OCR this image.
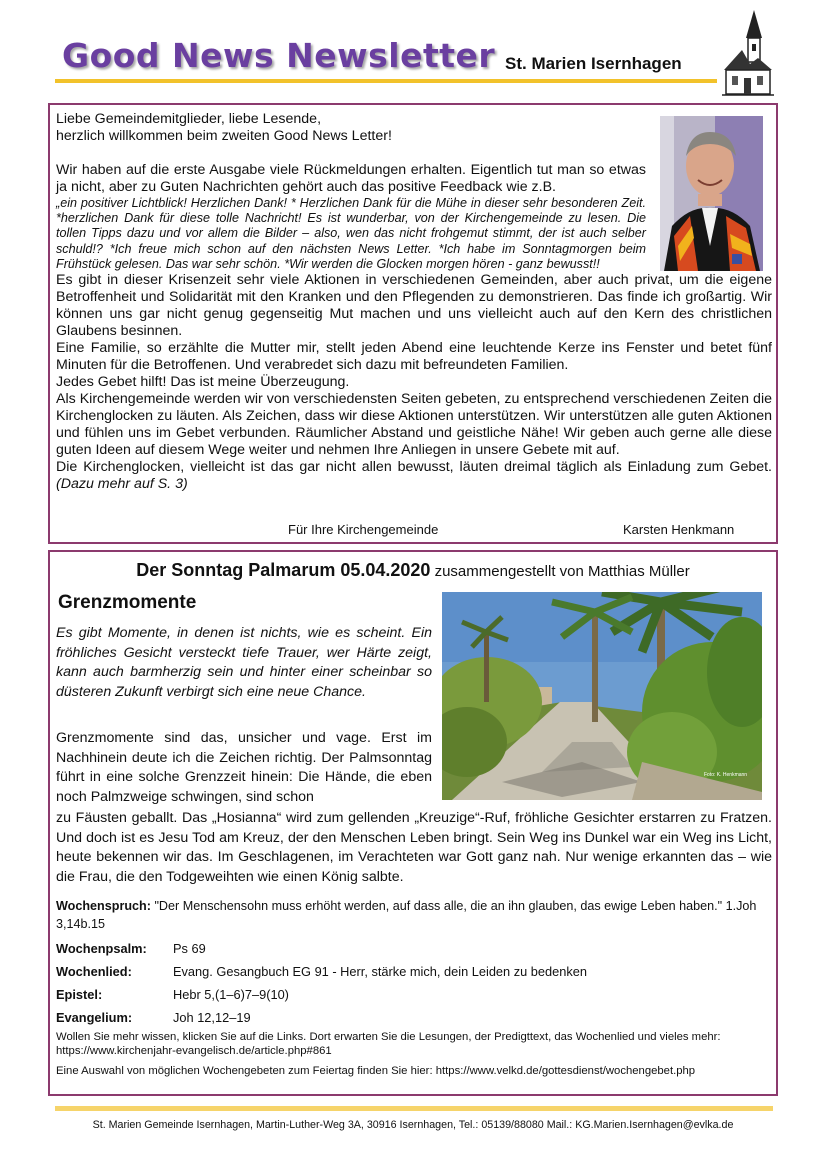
Good News Newsletter St. Marien Isernhagen

Liebe Gemeindemitglieder, liebe Lesende,

herzlich willkommen beim zweiten Good News Letter!

Wir haben auf die erste Ausgabe viele Rückmeldungen erhalten. Eigentlich tut man so etwas ja nicht, aber zu Guten Nachrichten gehört auch das positive Feedback wie z.B.

„ein positiver Lichtblick! Herzlichen Dank! * Herzlichen Dank für die Mühe in dieser sehr besonderen Zeit. *herzlichen Dank für diese tolle Nachricht! Es ist wunderbar, von der Kirchengemeinde zu lesen. Die tollen Tipps dazu und vor allem die Bilder – also, wen das nicht frohgemut stimmt, der ist auch selber schuld!? *Ich freue mich schon auf den nächsten News Letter. *Ich habe im Sonntagmorgen beim Frühstück gelesen. Das war sehr schön. *Wir werden die Glocken morgen hören - ganz bewusst!!

Es gibt in dieser Krisenzeit sehr viele Aktionen in verschiedenen Gemeinden, aber auch privat, um die eigene Betroffenheit und Solidarität mit den Kranken und den Pflegenden zu demonstrieren. Das finde ich großartig. Wir können uns gar nicht genug gegenseitig Mut machen und uns vielleicht auch auf den Kern des christlichen Glaubens besinnen.

Eine Familie, so erzählte die Mutter mir, stellt jeden Abend eine leuchtende Kerze ins Fenster und betet fünf Minuten für die Betroffenen. Und verabredet sich dazu mit befreundeten Familien.

Jedes Gebet hilft! Das ist meine Überzeugung.

Als Kirchengemeinde werden wir von verschiedensten Seiten gebeten, zu entsprechend verschiedenen Zeiten die Kirchenglocken zu läuten. Als Zeichen, dass wir diese Aktionen unterstützen. Wir unterstützen alle guten Aktionen und fühlen uns im Gebet verbunden. Räumlicher Abstand und geistliche Nähe! Wir geben auch gerne alle diese guten Ideen auf diesem Wege weiter und nehmen Ihre Anliegen in unsere Gebete mit auf.

Die Kirchenglocken, vielleicht ist das gar nicht allen bewusst, läuten dreimal täglich als Einladung zum Gebet. (Dazu mehr auf S. 3)

Für Ihre Kirchengemeinde	Karsten Henkmann
Der Sonntag Palmarum 05.04.2020 zusammengestellt von Matthias Müller
Grenzmomente

Es gibt Momente, in denen ist nichts, wie es scheint. Ein fröhliches Gesicht versteckt tiefe Trauer, wer Härte zeigt, kann auch barmherzig sein und hinter einer scheinbar so düsteren Zukunft verbirgt sich eine neue Chance.

Grenzmomente sind das, unsicher und vage. Erst im Nachhinein deute ich die Zeichen richtig. Der Palmsonntag führt in eine solche Grenzzeit hinein: Die Hände, die eben noch Palmzweige schwingen, sind schon

zu Fäusten geballt. Das „Hosianna“ wird zum gellenden „Kreuzige“-Ruf, fröhliche Gesichter erstarren zu Fratzen. Und doch ist es Jesu Tod am Kreuz, der den Menschen Leben bringt. Sein Weg ins Dunkel war ein Weg ins Licht, heute bekennen wir das. Im Geschlagenen, im Verachteten war Gott ganz nah. Nur wenige erkannten das – wie die Frau, die den Todgeweihten wie einen König salbte.

Foto: K. Henkmann

Wochenspruch: "Der Menschensohn muss erhöht werden, auf dass alle, die an ihn glauben, das ewige Leben haben." 1.Joh 3,14b.15

Wochenpsalm:	Ps 69
Wochenlied:	Evang. Gesangbuch EG 91 - Herr, stärke mich, dein Leiden zu bedenken
Epistel:	Hebr 5,(1–6)7–9(10)
Evangelium:	Joh 12,12–19

Wollen Sie mehr wissen, klicken Sie auf die Links. Dort erwarten Sie die Lesungen, der Predigttext, das Wochenlied und vieles mehr: https://www.kirchenjahr-evangelisch.de/article.php#861

Eine Auswahl von möglichen Wochengebeten zum Feiertag finden Sie hier: https://www.velkd.de/gottesdienst/wochengebet.php

St. Marien Gemeinde Isernhagen, Martin-Luther-Weg 3A, 30916 Isernhagen, Tel.: 05139/88080 Mail.: KG.Marien.Isernhagen@evlka.de
